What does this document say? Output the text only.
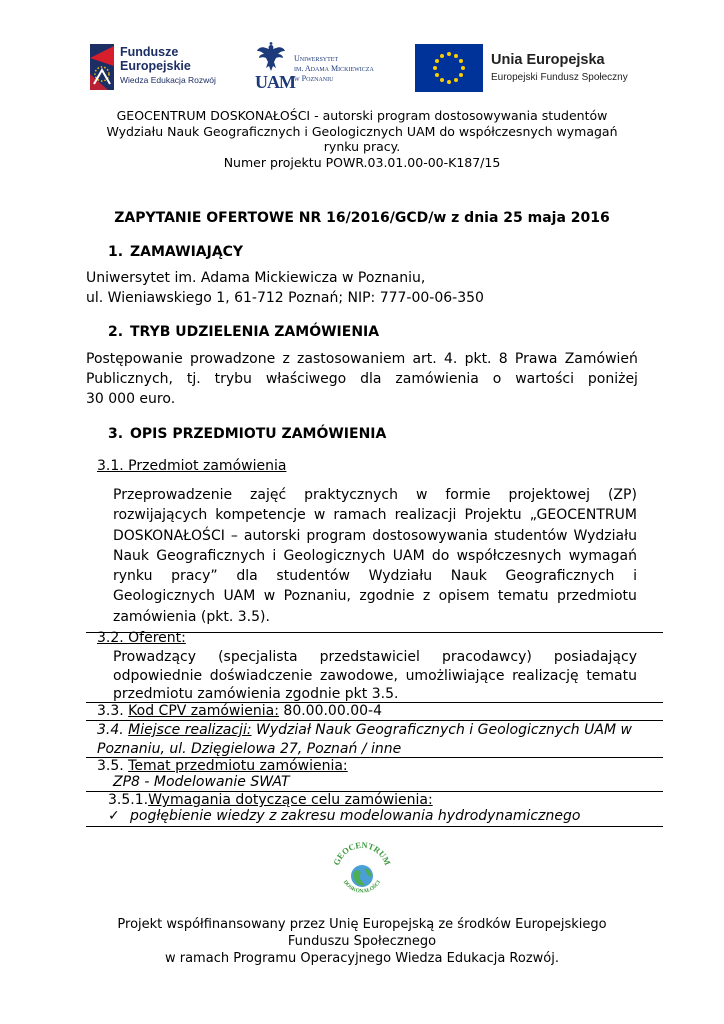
Fundusze
Europejskie
Wiedza Edukacja Rozwój UAM
Uniwersytet
im. Adama Mickiewicza
w Poznaniu
Unia Europejska
Europejski Fundusz Społeczny
GEOCENTRUM DOSKONAŁOŚCI - autorski program dostosowywania studentów
Wydziału Nauk Geograficznych i Geologicznych UAM do współczesnych wymagań
rynku pracy.
Numer projektu POWR.03.01.00-00-K187/15
ZAPYTANIE OFERTOWE NR 16/2016/GCD/w z dnia 25 maja 2016
1. ZAMAWIAJĄCY
Uniwersytet im. Adama Mickiewicza w Poznaniu,
ul. Wieniawskiego 1, 61-712 Poznań; NIP: 777-00-06-350
2. TRYB UDZIELENIA ZAMÓWIENIA
Postępowanie prowadzone z zastosowaniem art. 4. pkt. 8 Prawa Zamówień
Publicznych, tj. trybu właściwego dla zamówienia o wartości poniżej
30 000 euro.
3. OPIS PRZEDMIOTU ZAMÓWIENIA
3.1. Przedmiot zamówienia
Przeprowadzenie zajęć praktycznych w formie projektowej (ZP)
rozwijających kompetencje w ramach realizacji Projektu „GEOCENTRUM
DOSKONAŁOŚCI – autorski program dostosowywania studentów Wydziału
Nauk Geograficznych i Geologicznych UAM do współczesnych wymagań
rynku pracy” dla studentów Wydziału Nauk Geograficznych i
Geologicznych UAM w Poznaniu, zgodnie z opisem tematu przedmiotu
zamówienia (pkt. 3.5).
3.2. Oferent:
Prowadzący (specjalista przedstawiciel pracodawcy) posiadający
odpowiednie doświadczenie zawodowe, umożliwiające realizację tematu
przedmiotu zamówienia zgodnie pkt 3.5.
3.3. Kod CPV zamówienia: 80.00.00.00-4
3.4. Miejsce realizacji: Wydział Nauk Geograficznych i Geologicznych UAM w
Poznaniu, ul. Dzięgielowa 27, Poznań / inne
3.5. Temat przedmiotu zamówienia:
ZP8 - Modelowanie SWAT
3.5.1.Wymagania dotyczące celu zamówienia:
✓ pogłębienie wiedzy z zakresu modelowania hydrodynamicznego
GEOCENTRUM
DOSKONAŁOŚCI
Projekt współfinansowany przez Unię Europejską ze środków Europejskiego
Funduszu Społecznego
w ramach Programu Operacyjnego Wiedza Edukacja Rozwój.
